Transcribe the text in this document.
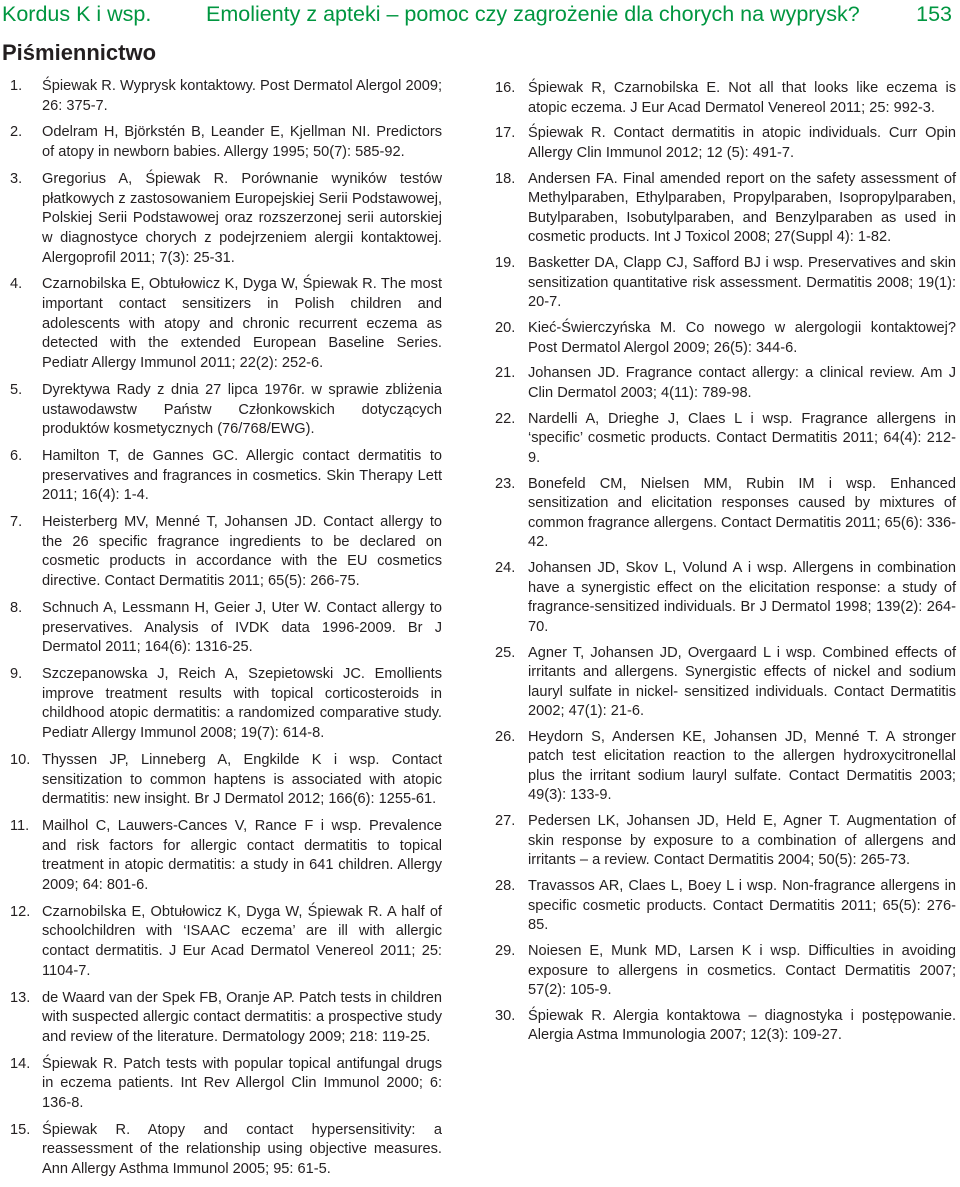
Kordus K i wsp.	Emolienty z apteki – pomoc czy zagrożenie dla chorych na wyprysk?	153
Piśmiennictwo
1. Śpiewak R. Wyprysk kontaktowy. Post Dermatol Alergol 2009; 26: 375-7.
2. Odelram H, Björkstén B, Leander E, Kjellman NI. Predictors of atopy in newborn babies. Allergy 1995; 50(7): 585-92.
3. Gregorius A, Śpiewak R. Porównanie wyników testów płatkowych z zastosowaniem Europejskiej Serii Podstawowej, Polskiej Serii Podstawowej oraz rozszerzonej serii autorskiej w diagnostyce chorych z podejrzeniem alergii kontaktowej. Alergoprofil 2011; 7(3): 25-31.
4. Czarnobilska E, Obtułowicz K, Dyga W, Śpiewak R. The most important contact sensitizers in Polish children and adolescents with atopy and chronic recurrent eczema as detected with the extended European Baseline Series. Pediatr Allergy Immunol 2011; 22(2): 252-6.
5. Dyrektywa Rady z dnia 27 lipca 1976r. w sprawie zbliżenia ustawodawstw Państw Członkowskich dotyczących produktów kosmetycznych (76/768/EWG).
6. Hamilton T, de Gannes GC. Allergic contact dermatitis to preservatives and fragrances in cosmetics. Skin Therapy Lett 2011; 16(4): 1-4.
7. Heisterberg MV, Menné T, Johansen JD. Contact allergy to the 26 specific fragrance ingredients to be declared on cosmetic products in accordance with the EU cosmetics directive. Contact Dermatitis 2011; 65(5): 266-75.
8. Schnuch A, Lessmann H, Geier J, Uter W. Contact allergy to preservatives. Analysis of IVDK data 1996-2009. Br J Dermatol 2011; 164(6): 1316-25.
9. Szczepanowska J, Reich A, Szepietowski JC. Emollients improve treatment results with topical corticosteroids in childhood atopic dermatitis: a randomized comparative study. Pediatr Allergy Immunol 2008; 19(7): 614-8.
10. Thyssen JP, Linneberg A, Engkilde K i wsp. Contact sensitization to common haptens is associated with atopic dermatitis: new insight. Br J Dermatol 2012; 166(6): 1255-61.
11. Mailhol C, Lauwers-Cances V, Rance F i wsp. Prevalence and risk factors for allergic contact dermatitis to topical treatment in atopic dermatitis: a study in 641 children. Allergy 2009; 64: 801-6.
12. Czarnobilska E, Obtułowicz K, Dyga W, Śpiewak R. A half of schoolchildren with ‘ISAAC eczema’ are ill with allergic contact dermatitis. J Eur Acad Dermatol Venereol 2011; 25: 1104-7.
13. de Waard van der Spek FB, Oranje AP. Patch tests in children with suspected allergic contact dermatitis: a prospective study and review of the literature. Dermatology 2009; 218: 119-25.
14. Śpiewak R. Patch tests with popular topical antifungal drugs in eczema patients. Int Rev Allergol Clin Immunol 2000; 6: 136-8.
15. Śpiewak R. Atopy and contact hypersensitivity: a reassessment of the relationship using objective measures. Ann Allergy Asthma Immunol 2005; 95: 61-5.
16. Śpiewak R, Czarnobilska E. Not all that looks like eczema is atopic eczema. J Eur Acad Dermatol Venereol 2011; 25: 992-3.
17. Śpiewak R. Contact dermatitis in atopic individuals. Curr Opin Allergy Clin Immunol 2012; 12 (5): 491-7.
18. Andersen FA. Final amended report on the safety assessment of Methylparaben, Ethylparaben, Propylparaben, Isopropylparaben, Butylparaben, Isobutylparaben, and Benzylparaben as used in cosmetic products. Int J Toxicol 2008; 27(Suppl 4): 1-82.
19. Basketter DA, Clapp CJ, Safford BJ i wsp. Preservatives and skin sensitization quantitative risk assessment. Dermatitis 2008; 19(1): 20-7.
20. Kieć-Świerczyńska M. Co nowego w alergologii kontaktowej? Post Dermatol Alergol 2009; 26(5): 344-6.
21. Johansen JD. Fragrance contact allergy: a clinical review. Am J Clin Dermatol 2003; 4(11): 789-98.
22. Nardelli A, Drieghe J, Claes L i wsp. Fragrance allergens in ‘specific’ cosmetic products. Contact Dermatitis 2011; 64(4): 212-9.
23. Bonefeld CM, Nielsen MM, Rubin IM i wsp. Enhanced sensitization and elicitation responses caused by mixtures of common fragrance allergens. Contact Dermatitis 2011; 65(6): 336-42.
24. Johansen JD, Skov L, Volund A i wsp. Allergens in combination have a synergistic effect on the elicitation response: a study of fragrance-sensitized individuals. Br J Dermatol 1998; 139(2): 264-70.
25. Agner T, Johansen JD, Overgaard L i wsp. Combined effects of irritants and allergens. Synergistic effects of nickel and sodium lauryl sulfate in nickel- sensitized individuals. Contact Dermatitis 2002; 47(1): 21-6.
26. Heydorn S, Andersen KE, Johansen JD, Menné T. A stronger patch test elicitation reaction to the allergen hydroxycitronellal plus the irritant sodium lauryl sulfate. Contact Dermatitis 2003; 49(3): 133-9.
27. Pedersen LK, Johansen JD, Held E, Agner T. Augmentation of skin response by exposure to a combination of allergens and irritants – a review. Contact Dermatitis 2004; 50(5): 265-73.
28. Travassos AR, Claes L, Boey L i wsp. Non-fragrance allergens in specific cosmetic products. Contact Dermatitis 2011; 65(5): 276-85.
29. Noiesen E, Munk MD, Larsen K i wsp. Difficulties in avoiding exposure to allergens in cosmetics. Contact Dermatitis 2007; 57(2): 105-9.
30. Śpiewak R. Alergia kontaktowa – diagnostyka i postępowanie. Alergia Astma Immunologia 2007; 12(3): 109-27.
